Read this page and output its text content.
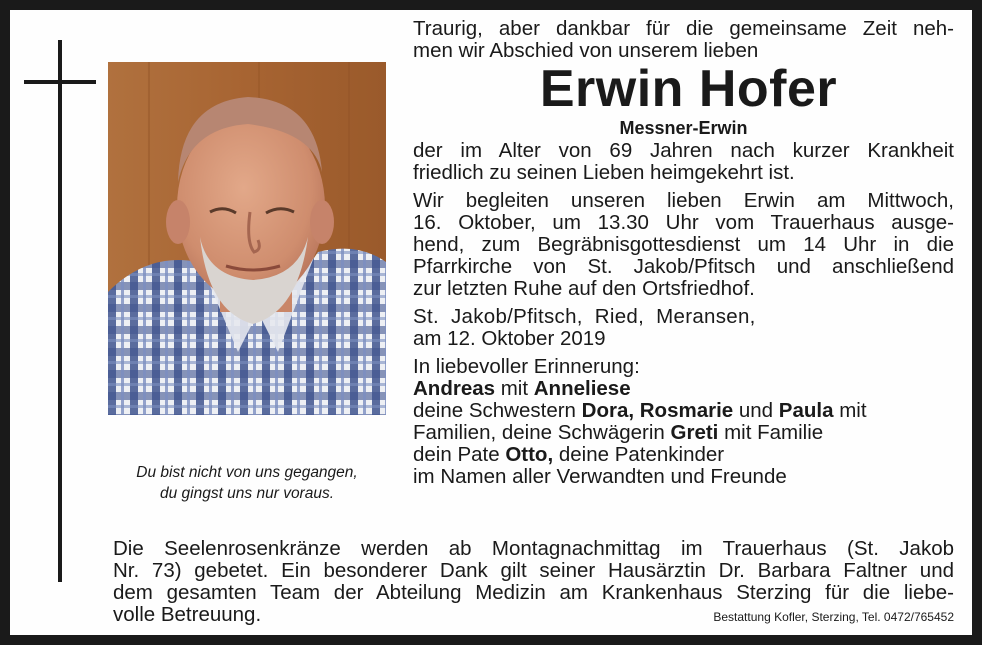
Du bist nicht von uns gegangen,
du gingst uns nur voraus.

Traurig, aber dankbar für die gemeinsame Zeit neh-

men wir Abschied von unserem lieben

Erwin Hofer

Messner-Erwin

der im Alter von 69 Jahren nach kurzer Krankheit

friedlich zu seinen Lieben heimgekehrt ist.

Wir begleiten unseren lieben Erwin am Mittwoch,

16. Oktober, um 13.30 Uhr vom Trauerhaus ausge-

hend, zum Begräbnisgottesdienst um 14 Uhr in die

Pfarrkirche von St. Jakob/Pfitsch und anschließend

zur letzten Ruhe auf den Ortsfriedhof.

St. Jakob/Pfitsch, Ried, Meransen,

am 12. Oktober 2019

In liebevoller Erinnerung:

Andreas mit Anneliese

deine Schwestern Dora, Rosmarie und Paula mit

Familien, deine Schwägerin Greti mit Familie

dein Pate Otto, deine Patenkinder

im Namen aller Verwandten und Freunde

Die Seelenrosenkränze werden ab Montagnachmittag im Trauerhaus (St. Jakob

Nr. 73) gebetet. Ein besonderer Dank gilt seiner Hausärztin Dr. Barbara Faltner und

dem gesamten Team der Abteilung Medizin am Krankenhaus Sterzing für die liebe-

volle Betreuung.	Bestattung Kofler, Sterzing, Tel. 0472/765452
